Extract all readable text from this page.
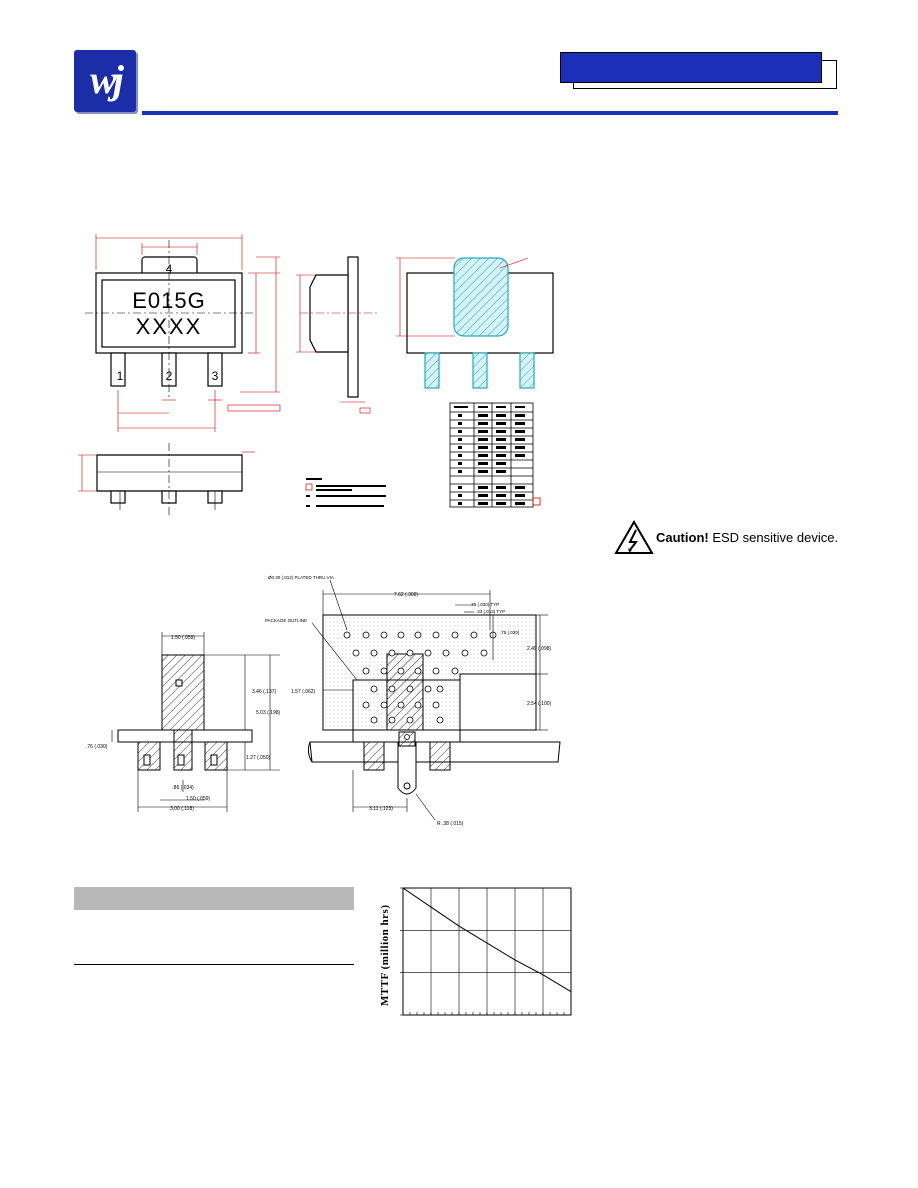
wj
4
E015G
XXXX
1	2	3
1.50 (.059)
3.46 (.137)
5.03 (.198)
.76 (.030)
1.27 (.050)
.86 (.034)
1.50 (.059)
3.00 (.118)
Ø0.30 (.012) PLATED THRU VIA
PACKAGE OUTLINE
7.62 (.300)
.76 (.030) TYP
.33 (.013) TYP
.75 (.030)
2.49 (.098)
2.54 (.100)
1.57 (.062)
3.11 (.123)
R .38 (.015)
Caution! ESD sensitive device.
MTTF (million hrs)
